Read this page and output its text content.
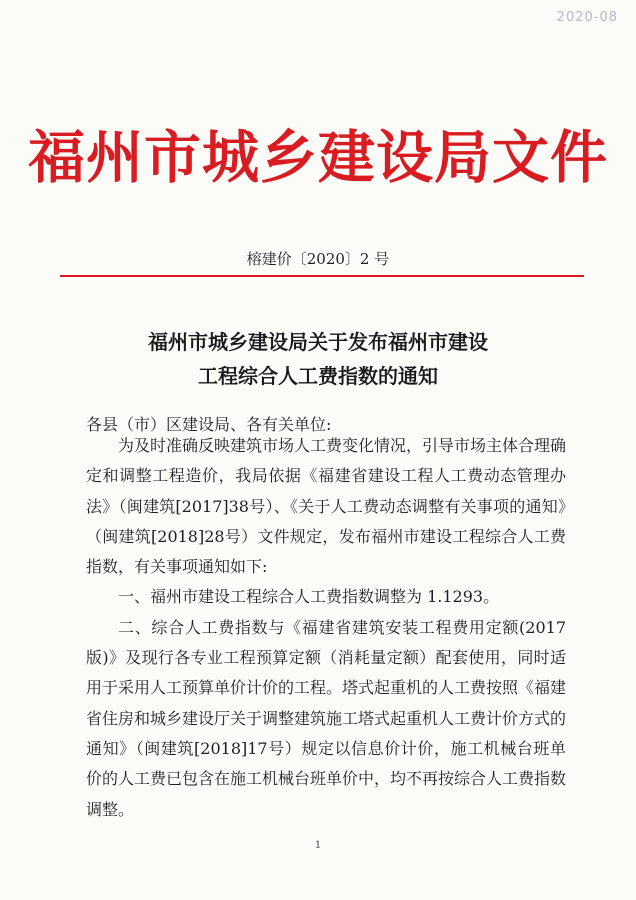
2020-08
福州市城乡建设局文件
榕建价〔2020〕2 号
福州市城乡建设局关于发布福州市建设
工程综合人工费指数的通知
各县（市）区建设局、各有关单位:

为及时准确反映建筑市场人工费变化情况，引导市场主体合理确定和调整工程造价，我局依据《福建省建设工程人工费动态管理办法》（闽建筑[2017]38号）、《关于人工费动态调整有关事项的通知》（闽建筑[2018]28号）文件规定，发布福州市建设工程综合人工费指数，有关事项通知如下:

一、福州市建设工程综合人工费指数调整为 1.1293。

二、综合人工费指数与《福建省建筑安装工程费用定额(2017版)》及现行各专业工程预算定额（消耗量定额）配套使用，同时适用于采用人工预算单价计价的工程。塔式起重机的人工费按照《福建省住房和城乡建设厅关于调整建筑施工塔式起重机人工费计价方式的通知》（闽建筑[2018]17号）规定以信息价计价，施工机械台班单价的人工费已包含在施工机械台班单价中，均不再按综合人工费指数调整。

1
